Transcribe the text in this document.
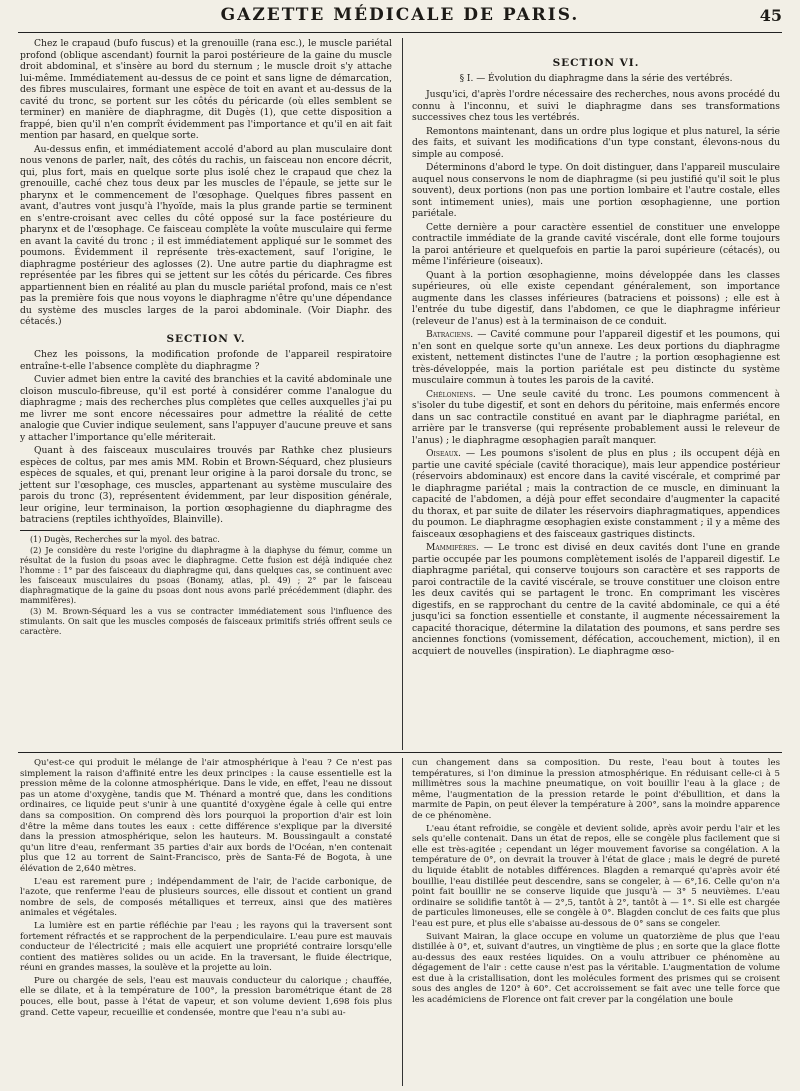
GAZETTE MÉDICALE DE PARIS.	45

Chez le crapaud (bufo fuscus) et la grenouille (rana esc.), le muscle pariétal profond (oblique ascendant) fournit la paroi postérieure de la gaine du muscle droit abdominal, et s'insère au bord du sternum ; le muscle droit s'y attache lui-même. Immédiatement au-dessus de ce point et sans ligne de démarcation, des fibres musculaires, formant une espèce de toit en avant et au-dessus de la cavité du tronc, se portent sur les côtés du péricarde (où elles semblent se terminer) en manière de diaphragme, dit Dugès (1), que cette disposition a frappé, bien qu'il n'en comprît évidemment pas l'importance et qu'il en ait fait mention par hasard, en quelque sorte.

Au-dessus enfin, et immédiatement accolé d'abord au plan musculaire dont nous venons de parler, naît, des côtés du rachis, un faisceau non encore décrit, qui, plus fort, mais en quelque sorte plus isolé chez le crapaud que chez la grenouille, caché chez tous deux par les muscles de l'épaule, se jette sur le pharynx et le commencement de l'œsophage. Quelques fibres passent en avant, d'autres vont jusqu'à l'hyoïde, mais la plus grande partie se terminent en s'entre-croisant avec celles du côté opposé sur la face postérieure du pharynx et de l'œsophage. Ce faisceau complète la voûte musculaire qui ferme en avant la cavité du tronc ; il est immédiatement appliqué sur le sommet des poumons. Évidemment il représente très-exactement, sauf l'origine, le diaphragme postérieur des aglosses (2). Une autre partie du diaphragme est représentée par les fibres qui se jettent sur les côtés du péricarde. Ces fibres appartiennent bien en réalité au plan du muscle pariétal profond, mais ce n'est pas la première fois que nous voyons le diaphragme n'être qu'une dépendance du système des muscles larges de la paroi abdominale. (Voir Diaphr. des cétacés.)

SECTION V.

Chez les poissons, la modification profonde de l'appareil respiratoire entraîne-t-elle l'absence complète du diaphragme ?

Cuvier admet bien entre la cavité des branchies et la cavité abdominale une cloison musculo-fibreuse, qu'il est porté à considérer comme l'analogue du diaphragme ; mais des recherches plus complètes que celles auxquelles j'ai pu me livrer me sont encore nécessaires pour admettre la réalité de cette analogie que Cuvier indique seulement, sans l'appuyer d'aucune preuve et sans y attacher l'importance qu'elle mériterait.

Quant à des faisceaux musculaires trouvés par Rathke chez plusieurs espèces de coltus, par mes amis MM. Robin et Brown-Séquard, chez plusieurs espèces de squales, et qui, prenant leur origine à la paroi dorsale du tronc, se jettent sur l'œsophage, ces muscles, appartenant au système musculaire des parois du tronc (3), représentent évidemment, par leur disposition générale, leur origine, leur terminaison, la portion œsophagienne du diaphragme des batraciens (reptiles ichthyoïdes, Blainville).

(1) Dugès, Recherches sur la myol. des batrac.

(2) Je considère du reste l'origine du diaphragme à la diaphyse du fémur, comme un résultat de la fusion du psoas avec le diaphragme. Cette fusion est déjà indiquée chez l'homme : 1° par des faisceaux du diaphragme qui, dans quelques cas, se continuent avec les faisceaux musculaires du psoas (Bonamy, atlas, pl. 49) ; 2° par le faisceau diaphragmatique de la gaine du psoas dont nous avons parlé précédemment (diaphr. des mammifères).

(3) M. Brown-Séquard les a vus se contracter immédiatement sous l'influence des stimulants. On sait que les muscles composés de faisceaux primitifs striés offrent seuls ce caractère.

SECTION VI.
§ I. — Évolution du diaphragme dans la série des vertébrés.

Jusqu'ici, d'après l'ordre nécessaire des recherches, nous avons procédé du connu à l'inconnu, et suivi le diaphragme dans ses transformations successives chez tous les vertébrés.

Remontons maintenant, dans un ordre plus logique et plus naturel, la série des faits, et suivant les modifications d'un type constant, élevons-nous du simple au composé.

Déterminons d'abord le type. On doit distinguer, dans l'appareil musculaire auquel nous conservons le nom de diaphragme (si peu justifié qu'il soit le plus souvent), deux portions (non pas une portion lombaire et l'autre costale, elles sont intimement unies), mais une portion œsophagienne, une portion pariétale.

Cette dernière a pour caractère essentiel de constituer une enveloppe contractile immédiate de la grande cavité viscérale, dont elle forme toujours la paroi antérieure et quelquefois en partie la paroi supérieure (cétacés), ou même l'inférieure (oiseaux).

Quant à la portion œsophagienne, moins développée dans les classes supérieures, où elle existe cependant généralement, son importance augmente dans les classes inférieures (batraciens et poissons) ; elle est à l'entrée du tube digestif, dans l'abdomen, ce que le diaphragme inférieur (releveur de l'anus) est à la terminaison de ce conduit.

Batraciens. — Cavité commune pour l'appareil digestif et les poumons, qui n'en sont en quelque sorte qu'un annexe. Les deux portions du diaphragme existent, nettement distinctes l'une de l'autre ; la portion œsophagienne est très-développée, mais la portion pariétale est peu distincte du système musculaire commun à toutes les parois de la cavité.

Chéloniens. — Une seule cavité du tronc. Les poumons commencent à s'isoler du tube digestif, et sont en dehors du péritoine, mais enfermés encore dans un sac contractile constitué en avant par le diaphragme pariétal, en arrière par le transverse (qui représente probablement aussi le releveur de l'anus) ; le diaphragme œsophagien paraît manquer.

Oiseaux. — Les poumons s'isolent de plus en plus ; ils occupent déjà en partie une cavité spéciale (cavité thoracique), mais leur appendice postérieur (réservoirs abdominaux) est encore dans la cavité viscérale, et comprimé par le diaphragme pariétal ; mais la contraction de ce muscle, en diminuant la capacité de l'abdomen, a déjà pour effet secondaire d'augmenter la capacité du thorax, et par suite de dilater les réservoirs diaphragmatiques, appendices du poumon. Le diaphragme œsophagien existe constamment ; il y a même des faisceaux œsophagiens et des faisceaux gastriques distincts.

Mammifères. — Le tronc est divisé en deux cavités dont l'une en grande partie occupée par les poumons complètement isolés de l'appareil digestif. Le diaphragme pariétal, qui conserve toujours son caractère et ses rapports de paroi contractile de la cavité viscérale, se trouve constituer une cloison entre les deux cavités qui se partagent le tronc. En comprimant les viscères digestifs, en se rapprochant du centre de la cavité abdominale, ce qui a été jusqu'ici sa fonction essentielle et constante, il augmente nécessairement la capacité thoracique, détermine la dilatation des poumons, et sans perdre ses anciennes fonctions (vomissement, défécation, accouchement, miction), il en acquiert de nouvelles (inspiration). Le diaphragme œso-

Qu'est-ce qui produit le mélange de l'air atmosphérique à l'eau ? Ce n'est pas simplement la raison d'affinité entre les deux principes : la cause essentielle est la pression même de la colonne atmosphérique. Dans le vide, en effet, l'eau ne dissout pas un atome d'oxygène, tandis que M. Thénard a montré que, dans les conditions ordinaires, ce liquide peut s'unir à une quantité d'oxygène égale à celle qui entre dans sa composition. On comprend dès lors pourquoi la proportion d'air est loin d'être la même dans toutes les eaux : cette différence s'explique par la diversité dans la pression atmosphérique, selon les hauteurs. M. Boussingault a constaté qu'un litre d'eau, renfermant 35 parties d'air aux bords de l'Océan, n'en contenait plus que 12 au torrent de Saint-Francisco, près de Santa-Fé de Bogota, à une élévation de 2,640 mètres.

L'eau est rarement pure ; indépendamment de l'air, de l'acide carbonique, de l'azote, que renferme l'eau de plusieurs sources, elle dissout et contient un grand nombre de sels, de composés métalliques et terreux, ainsi que des matières animales et végétales.

La lumière est en partie réfléchie par l'eau ; les rayons qui la traversent sont fortement réfractés et se rapprochent de la perpendiculaire. L'eau pure est mauvais conducteur de l'électricité ; mais elle acquiert une propriété contraire lorsqu'elle contient des matières solides ou un acide. En la traversant, le fluide électrique, réuni en grandes masses, la soulève et la projette au loin.

Pure ou chargée de sels, l'eau est mauvais conducteur du calorique ; chauffée, elle se dilate, et à la température de 100°, la pression barométrique étant de 28 pouces, elle bout, passe à l'état de vapeur, et son volume devient 1,698 fois plus grand. Cette vapeur, recueillie et condensée, montre que l'eau n'a subi au-

cun changement dans sa composition. Du reste, l'eau bout à toutes les températures, si l'on diminue la pression atmosphérique. En réduisant celle-ci à 5 millimètres sous la machine pneumatique, on voit bouillir l'eau à la glace ; de même, l'augmentation de la pression retarde le point d'ébullition, et dans la marmite de Papin, on peut élever la température à 200°, sans la moindre apparence de ce phénomène.

L'eau étant refroidie, se congèle et devient solide, après avoir perdu l'air et les sels qu'elle contenait. Dans un état de repos, elle se congèle plus facilement que si elle est très-agitée ; cependant un léger mouvement favorise sa congélation. A la température de 0°, on devrait la trouver à l'état de glace ; mais le degré de pureté du liquide établit de notables différences. Blagden a remarqué qu'après avoir été bouillie, l'eau distillée peut descendre, sans se congeler, à — 6°,16. Celle qu'on n'a point fait bouillir ne se conserve liquide que jusqu'à — 3° 5 neuvièmes. L'eau ordinaire se solidifie tantôt à — 2°,5, tantôt à 2°, tantôt à — 1°. Si elle est chargée de particules limoneuses, elle se congèle à 0°. Blagden conclut de ces faits que plus l'eau est pure, et plus elle s'abaisse au-dessous de 0° sans se congeler.

Suivant Mairan, la glace occupe en volume un quatorzième de plus que l'eau distillée à 0°, et, suivant d'autres, un vingtième de plus ; en sorte que la glace flotte au-dessus des eaux restées liquides. On a voulu attribuer ce phénomène au dégagement de l'air : cette cause n'est pas la véritable. L'augmentation de volume est due à la cristallisation, dont les molécules forment des prismes qui se croisent sous des angles de 120° à 60°. Cet accroissement se fait avec une telle force que les académiciens de Florence ont fait crever par la congélation une boule
